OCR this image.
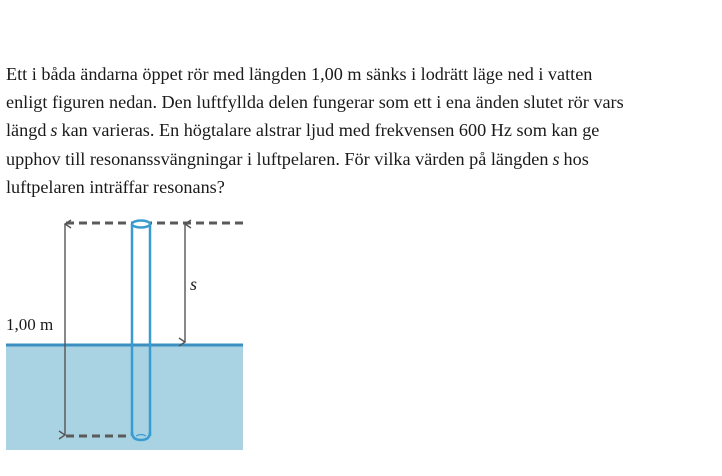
Ett i båda ändarna öppet rör med längden 1,00 m sänks i lodrätt läge ned i vatten
enligt figuren nedan. Den luftfyllda delen fungerar som ett i ena änden slutet rör vars
längd s kan varieras. En högtalare alstrar ljud med frekvensen 600 Hz som kan ge
upphov till resonanssvängningar i luftpelaren. För vilka värden på längden s hos
luftpelaren inträffar resonans?
1,00 m
s
